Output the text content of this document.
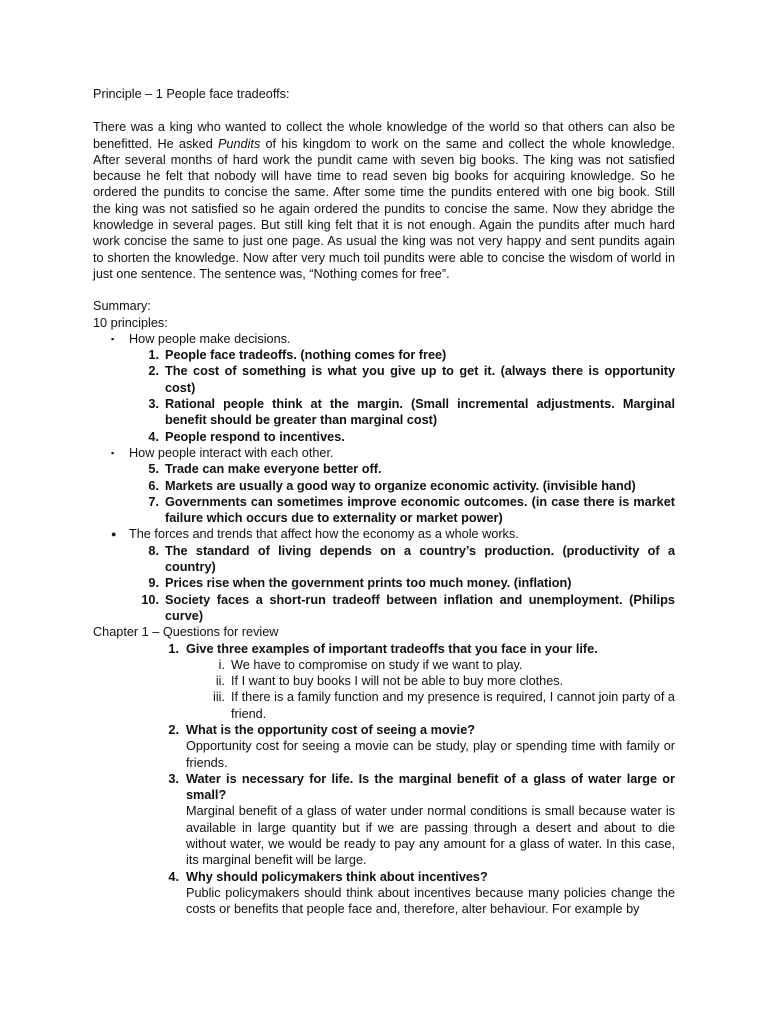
Principle – 1 People face tradeoffs:
There was a king who wanted to collect the whole knowledge of the world so that others can also be benefitted. He asked Pundits of his kingdom to work on the same and collect the whole knowledge. After several months of hard work the pundit came with seven big books. The king was not satisfied because he felt that nobody will have time to read seven big books for acquiring knowledge. So he ordered the pundits to concise the same. After some time the pundits entered with one big book. Still the king was not satisfied so he again ordered the pundits to concise the same. Now they abridge the knowledge in several pages. But still king felt that it is not enough. Again the pundits after much hard work concise the same to just one page. As usual the king was not very happy and sent pundits again to shorten the knowledge. Now after very much toil pundits were able to concise the wisdom of world in just one sentence. The sentence was, “Nothing comes for free”.
Summary:
10 principles:
▪ How people make decisions.
1. People face tradeoffs. (nothing comes for free)
2. The cost of something is what you give up to get it. (always there is opportunity cost)
3. Rational people think at the margin. (Small incremental adjustments. Marginal benefit should be greater than marginal cost)
4. People respond to incentives.
▪ How people interact with each other.
5. Trade can make everyone better off.
6. Markets are usually a good way to organize economic activity. (invisible hand)
7. Governments can sometimes improve economic outcomes. (in case there is market failure which occurs due to externality or market power)
● The forces and trends that affect how the economy as a whole works.
8. The standard of living depends on a country’s production. (productivity of a country)
9. Prices rise when the government prints too much money. (inflation)
10. Society faces a short-run tradeoff between inflation and unemployment. (Philips curve)
Chapter 1 – Questions for review
1. Give three examples of important tradeoffs that you face in your life.
i. We have to compromise on study if we want to play.
ii. If I want to buy books I will not be able to buy more clothes.
iii. If there is a family function and my presence is required, I cannot join party of a friend.
2. What is the opportunity cost of seeing a movie?
Opportunity cost for seeing a movie can be study, play or spending time with family or friends.
3. Water is necessary for life. Is the marginal benefit of a glass of water large or small?
Marginal benefit of a glass of water under normal conditions is small because water is available in large quantity but if we are passing through a desert and about to die without water, we would be ready to pay any amount for a glass of water. In this case, its marginal benefit will be large.
4. Why should policymakers think about incentives?
Public policymakers should think about incentives because many policies change the costs or benefits that people face and, therefore, alter behaviour. For example by
